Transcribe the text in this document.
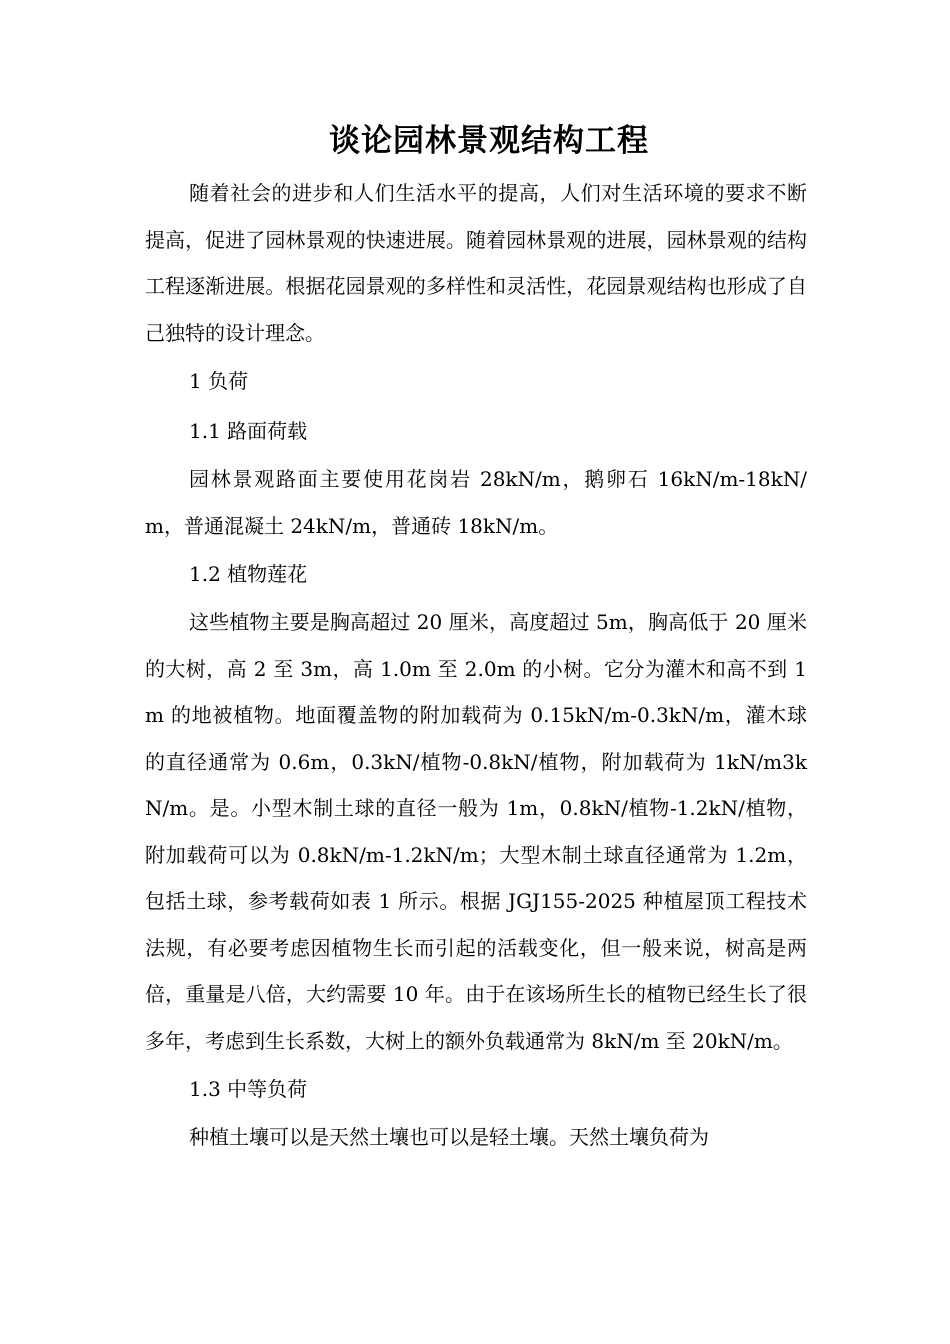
谈论园林景观结构工程

随着社会的进步和人们生活水平的提高，人们对生活环境的要求不断提高，促进了园林景观的快速进展。随着园林景观的进展，园林景观的结构工程逐渐进展。根据花园景观的多样性和灵活性，花园景观结构也形成了自己独特的设计理念。

1 负荷

1.1 路面荷载

园林景观路面主要使用花岗岩 28kN/m，鹅卵石 16kN/m-18kN/m，普通混凝土 24kN/m，普通砖 18kN/m。

1.2 植物莲花

这些植物主要是胸高超过 20 厘米，高度超过 5m，胸高低于 20 厘米的大树，高 2 至 3m，高 1.0m 至 2.0m 的小树。它分为灌木和高不到 1m 的地被植物。地面覆盖物的附加载荷为 0.15kN/m-0.3kN/m，灌木球的直径通常为 0.6m，0.3kN/植物-0.8kN/植物，附加载荷为 1kN/m3kN/m。是。小型木制土球的直径一般为 1m，0.8kN/植物-1.2kN/植物，附加载荷可以为 0.8kN/m-1.2kN/m；大型木制土球直径通常为 1.2m，包括土球，参考载荷如表 1 所示。根据 JGJ155-2025 种植屋顶工程技术法规，有必要考虑因植物生长而引起的活载变化，但一般来说，树高是两倍，重量是八倍，大约需要 10 年。由于在该场所生长的植物已经生长了很多年，考虑到生长系数，大树上的额外负载通常为 8kN/m 至 20kN/m。

1.3 中等负荷

种植土壤可以是天然土壤也可以是轻土壤。天然土壤负荷为
